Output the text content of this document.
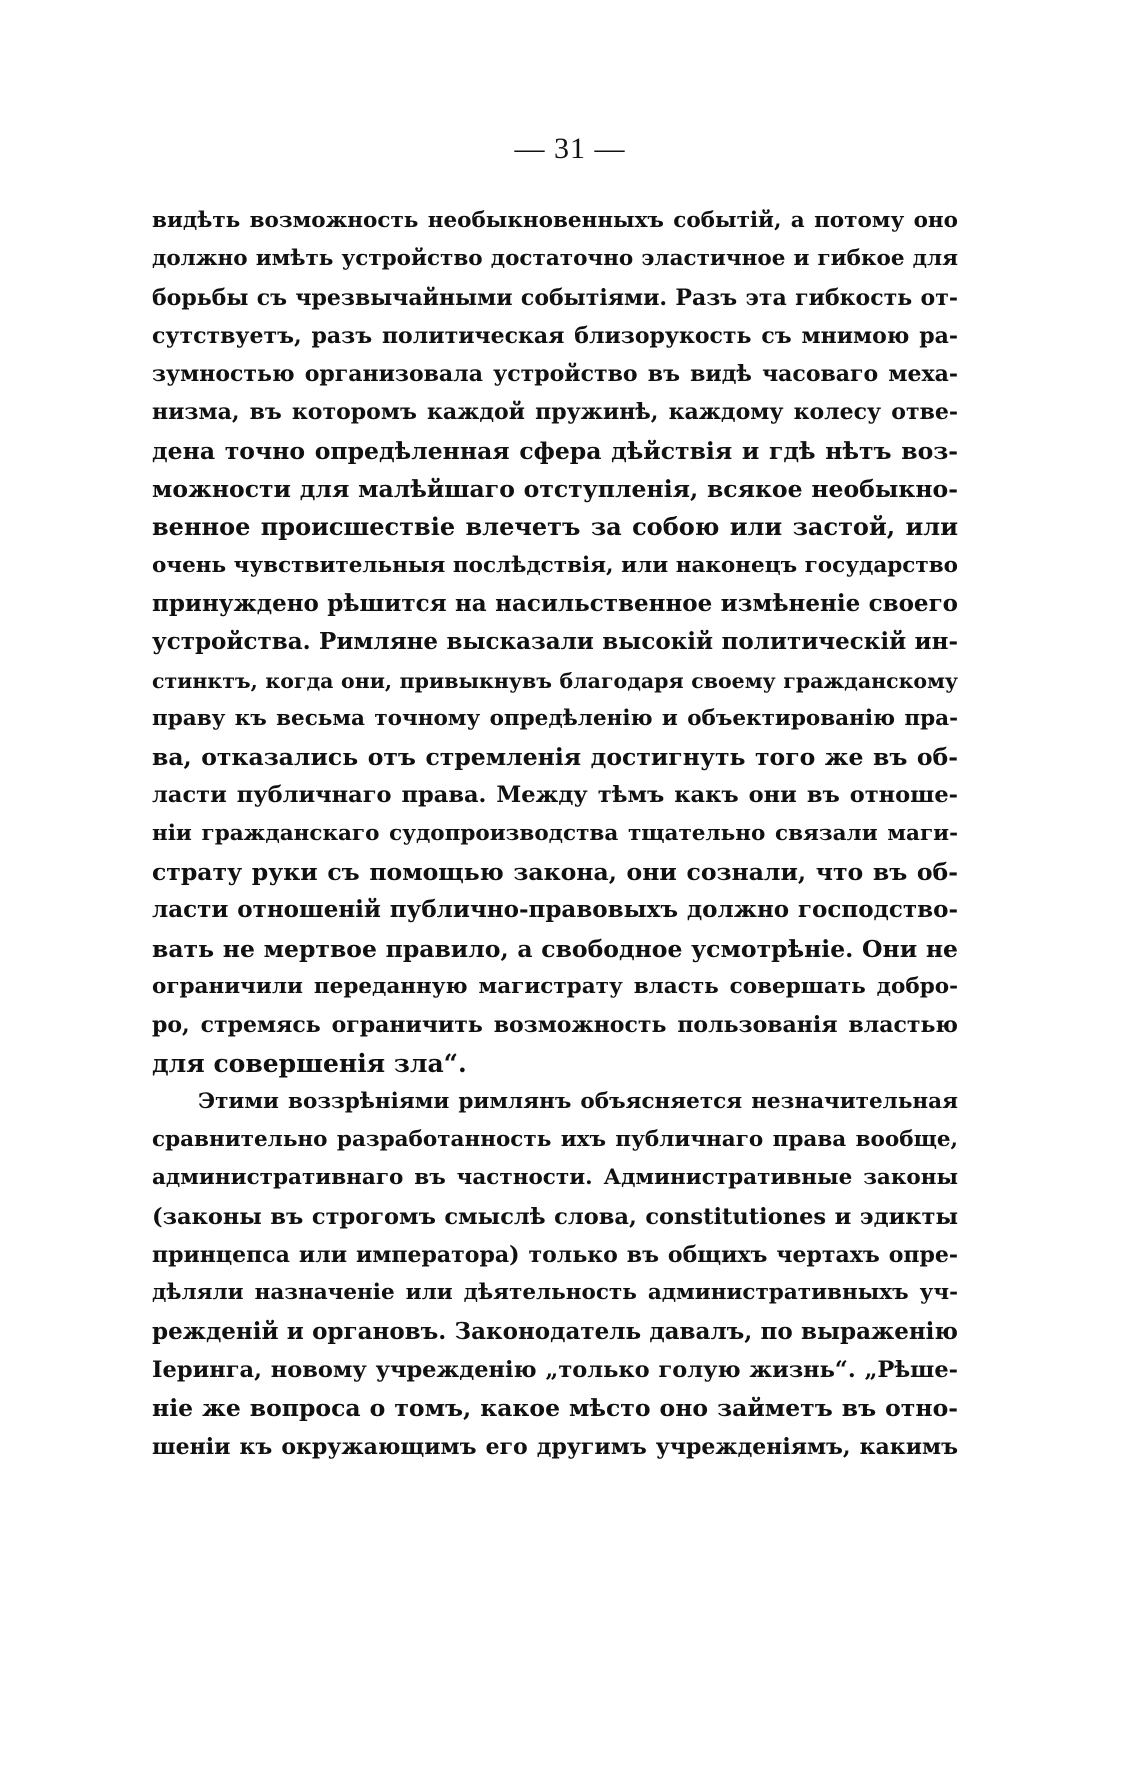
— 31 —
видѣть возможность необыкновенныхъ событій, а потому оно
должно имѣть устройство достаточно эластичное и гибкое для
борьбы съ чрезвычайными событіями. Разъ эта гибкость от-
сутствуетъ, разъ политическая близорукость съ мнимою ра-
зумностью организовала устройство въ видѣ часоваго меха-
низма, въ которомъ каждой пружинѣ, каждому колесу отве-
дена точно опредѣленная сфера дѣйствія и гдѣ нѣтъ воз-
можности для малѣйшаго отступленія, всякое необыкно-
венное происшествіе влечетъ за собою или застой, или
очень чувствительныя послѣдствія, или наконецъ государство
принуждено рѣшится на насильственное измѣненіе своего
устройства. Римляне высказали высокій политическій ин-
стинктъ, когда они, привыкнувъ благодаря своему гражданскому
праву къ весьма точному опредѣленію и объектированію пра-
ва, отказались отъ стремленія достигнуть того же въ об-
ласти публичнаго права. Между тѣмъ какъ они въ отноше-
ніи гражданскаго судопроизводства тщательно связали маги-
страту руки съ помощью закона, они сознали, что въ об-
ласти отношеній публично-правовыхъ должно господство-
вать не мертвое правило, а свободное усмотрѣніе. Они не
ограничили переданную магистрату власть совершать добро-
ро, стремясь ограничить возможность пользованія властью
для совершенія зла“.
Этими воззрѣніями римлянъ объясняется незначительная
сравнительно разработанность ихъ публичнаго права вообще,
административнаго въ частности. Административные законы
(законы въ строгомъ смыслѣ слова, constitutiones и эдикты
принцепса или императора) только въ общихъ чертахъ опре-
дѣляли назначеніе или дѣятельность административныхъ уч-
режденій и органовъ. Законодатель давалъ, по выраженію
Іеринга, новому учрежденію „только голую жизнь“. „Рѣше-
ніе же вопроса о томъ, какое мѣсто оно займетъ въ отно-
шеніи къ окружающимъ его другимъ учрежденіямъ, какимъ
